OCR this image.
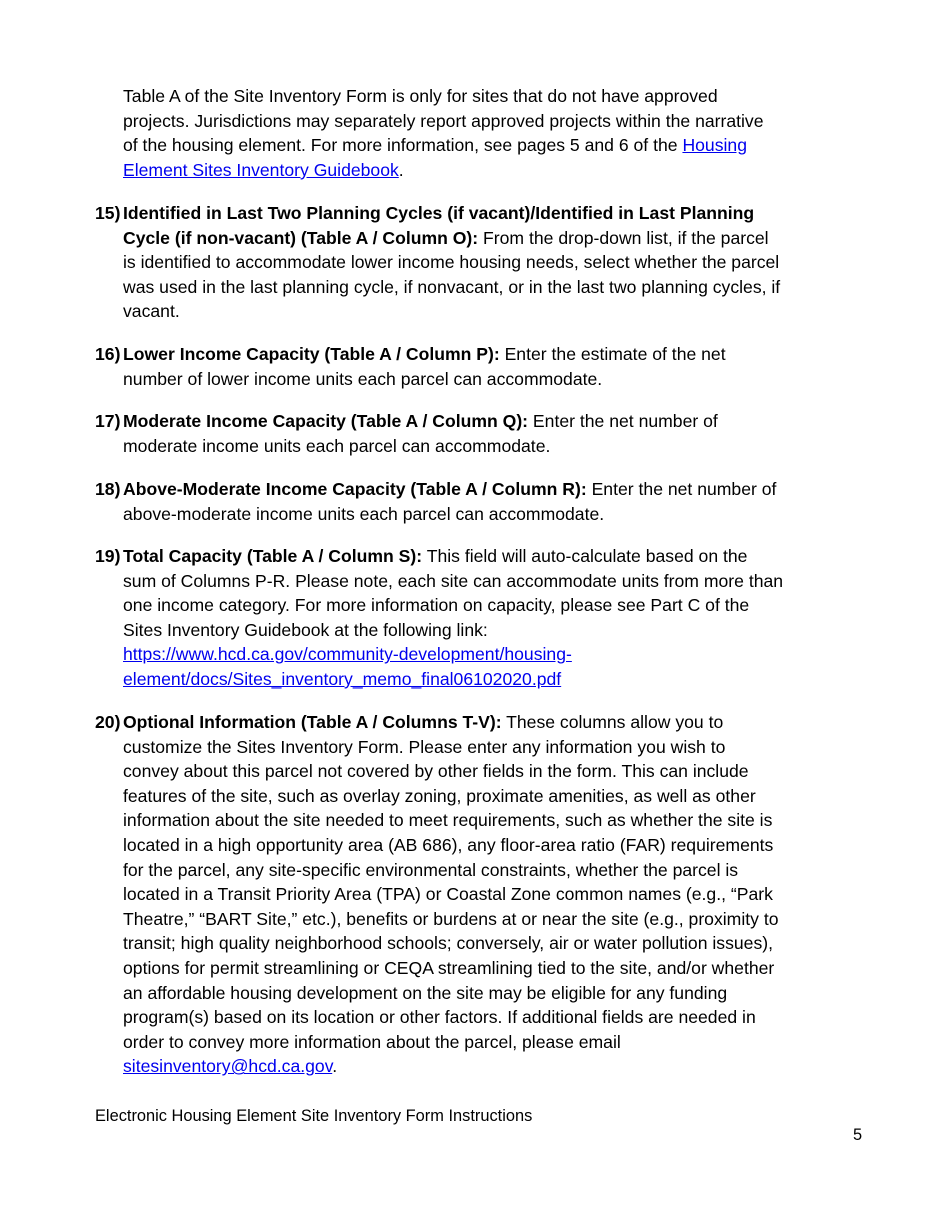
Table A of the Site Inventory Form is only for sites that do not have approved projects. Jurisdictions may separately report approved projects within the narrative of the housing element. For more information, see pages 5 and 6 of the Housing Element Sites Inventory Guidebook.
15) Identified in Last Two Planning Cycles (if vacant)/Identified in Last Planning Cycle (if non-vacant) (Table A / Column O): From the drop-down list, if the parcel is identified to accommodate lower income housing needs, select whether the parcel was used in the last planning cycle, if nonvacant, or in the last two planning cycles, if vacant.
16) Lower Income Capacity (Table A / Column P): Enter the estimate of the net number of lower income units each parcel can accommodate.
17) Moderate Income Capacity (Table A / Column Q): Enter the net number of moderate income units each parcel can accommodate.
18) Above-Moderate Income Capacity (Table A / Column R): Enter the net number of above-moderate income units each parcel can accommodate.
19) Total Capacity (Table A / Column S): This field will auto-calculate based on the sum of Columns P-R. Please note, each site can accommodate units from more than one income category. For more information on capacity, please see Part C of the Sites Inventory Guidebook at the following link:
https://www.hcd.ca.gov/community-development/housing-
element/docs/Sites_inventory_memo_final06102020.pdf
20) Optional Information (Table A / Columns T-V): These columns allow you to customize the Sites Inventory Form. Please enter any information you wish to convey about this parcel not covered by other fields in the form. This can include features of the site, such as overlay zoning, proximate amenities, as well as other information about the site needed to meet requirements, such as whether the site is located in a high opportunity area (AB 686), any floor-area ratio (FAR) requirements for the parcel, any site-specific environmental constraints, whether the parcel is located in a Transit Priority Area (TPA) or Coastal Zone common names (e.g., “Park Theatre,” “BART Site,” etc.), benefits or burdens at or near the site (e.g., proximity to transit; high quality neighborhood schools; conversely, air or water pollution issues), options for permit streamlining or CEQA streamlining tied to the site, and/or whether an affordable housing development on the site may be eligible for any funding program(s) based on its location or other factors. If additional fields are needed in order to convey more information about the parcel, please email
sitesinventory@hcd.ca.gov.
Electronic Housing Element Site Inventory Form Instructions
5
